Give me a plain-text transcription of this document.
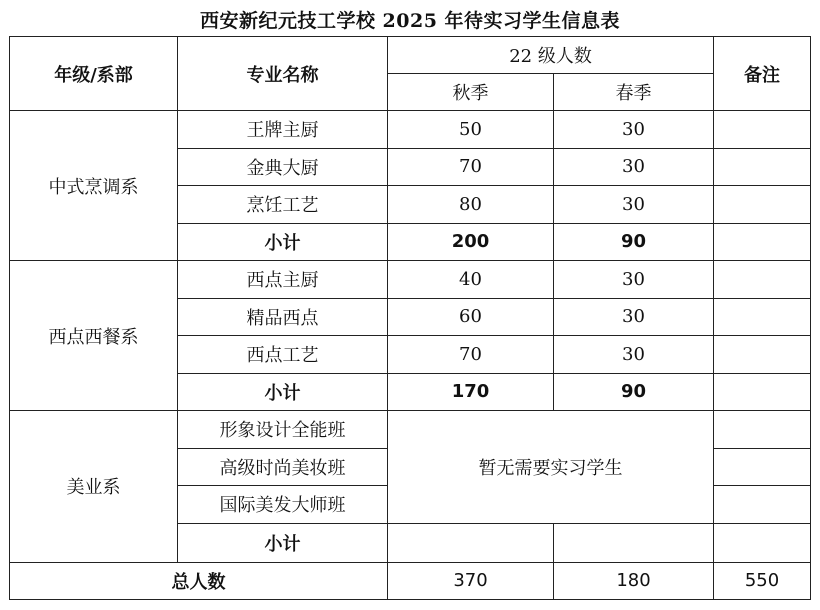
西安新纪元技工学校 2025 年待实习学生信息表
年级/系部	专业名称	22 级人数		备注
		秋季	春季	
中式烹调系	王牌主厨	50	30	
	金典大厨	70	30	
	烹饪工艺	80	30	
	小计	200	90	
西点西餐系	西点主厨	40	30	
	精品西点	60	30	
	西点工艺	70	30	
	小计	170	90	
美业系	形象设计全能班	暂无需要实习学生		
	高级时尚美妆班			
	国际美发大师班			
	小计			
总人数		370	180	550
